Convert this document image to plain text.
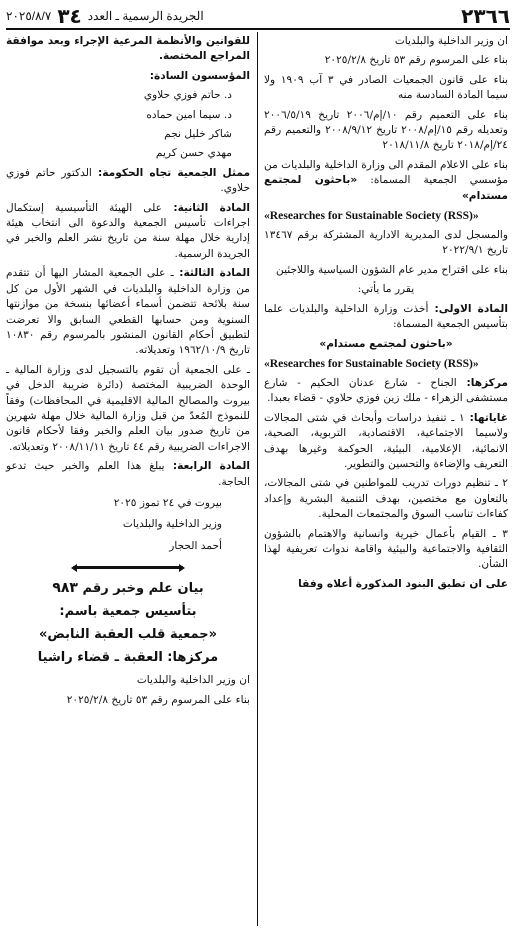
٢٣٦٦
الجريدة الرسمية ـ العدد
٣٤
٢٠٢٥/٨/٧

ان وزير الداخلية والبلديات

بناء على المرسوم رقم ٥٣ تاريخ ٢٠٢٥/٢/٨

بناء على قانون الجمعيات الصادر في ٣ آب ١٩٠٩ ولا سيما المادة السادسة منه

بناء على التعميم رقم ١٠/إم/٢٠٠٦ تاريخ ٢٠٠٦/٥/١٩ وتعديله رقم ١٥/إم/٢٠٠٨ تاريخ ٢٠٠٨/٩/١٢ والتعميم رقم ٢٤/إم/٢٠١٨ تاريخ ٢٠١٨/١١/٨

بناء على الاعلام المقدم الى وزارة الداخلية والبلديات من مؤسسي الجمعية المسماة: «باحثون لمجتمع مستدام»

«Researches for Sustainable Society (RSS)»

والمسجل لدى المديرية الادارية المشتركة برقم ١٣٤٦٧ تاريخ ٢٠٢٢/٩/١

بناء على اقتراح مدير عام الشؤون السياسية واللاجئين

يقرر ما يأتي:

المادة الاولى: أخذت وزارة الداخلية والبلديات علما بتأسيس الجمعية المسماة:

«باحثون لمجتمع مستدام»

«Researches for Sustainable Society (RSS)»

مركزها: الجناح - شارع عدنان الحكيم - شارع مستشفى الزهراء - ملك زين فوزي حلاوي - قضاء بعبدا.

غاياتها: ١ ـ تنفيذ دراسات وأبحاث في شتى المجالات ولاسيما الاجتماعية، الاقتصادية، التربوية، الصحية، الانمائية، الإعلامية، البيئية، الحوكمة وغيرها بهدف التعريف والإضاءة والتحسين والتطوير.

٢ ـ تنظيم دورات تدريب للمواطنين في شتى المجالات، بالتعاون مع مختصين، بهدف التنمية البشرية وإعداد كفاءات تناسب السوق والمجتمعات المحلية.

٣ ـ القيام بأعمال خيرية وانسانية والاهتمام بالشؤون الثقافية والاجتماعية والبيئية واقامة ندوات تعريفية لهذا الشأن.

على ان تطبق البنود المذكورة أعلاه وفقا

للقوانين والأنظمة المرعية الإجراء وبعد موافقة المراجع المختصة.

المؤسسون السادة:

د. حاتم فوزي حلاوي

د. سيما امين حماده

شاكر خليل نجم

مهدي حسن كريم

ممثل الجمعية تجاه الحكومة: الدكتور حاتم فوزي حلاوي.

المادة الثانية: على الهيئة التأسيسية إستكمال اجراءات تأسيس الجمعية والدعوة الى انتخاب هيئة إدارية خلال مهلة سنة من تاريخ نشر العلم والخبر في الجريدة الرسمية.

المادة الثالثة: ـ على الجمعية المشار اليها أن تتقدم من وزارة الداخلية والبلديات في الشهر الأول من كل سنة بلائحة تتضمن أسماء أعضائها بنسخة من موازنتها السنوية ومن حسابها القطعي السابق والا تعرضت لتطبيق أحكام القانون المنشور بالمرسوم رقم ١٠٨٣٠ تاريخ ١٩٦٢/١٠/٩ وتعديلاته.

ـ على الجمعية أن تقوم بالتسجيل لدى وزارة المالية ـ الوحدة الضريبية المختصة (دائرة ضريبة الدخل في بيروت والمصالح المالية الاقليمية في المحافظات) وفقاً للنموذج المُعدّ من قبل وزارة المالية خلال مهلة شهرين من تاريخ صدور بيان العلم والخبر وفقا لأحكام قانون الاجراءات الضريبية رقم ٤٤ تاريخ ٢٠٠٨/١١/١١ وتعديلاته.

المادة الرابعة: يبلغ هذا العلم والخبر حيث تدعو الحاجة.

بيروت في ٢٤ تموز ٢٠٢٥

وزير الداخلية والبلديات

أحمد الحجار

بيان علم وخبر رقم ٩٨٣

بتأسيس جمعية باسم:

«جمعية قلب العقبة النابض»

مركزها: العقبة ـ قضاء راشيا

ان وزير الداخلية والبلديات

بناء على المرسوم رقم ٥٣ تاريخ ٢٠٢٥/٢/٨
